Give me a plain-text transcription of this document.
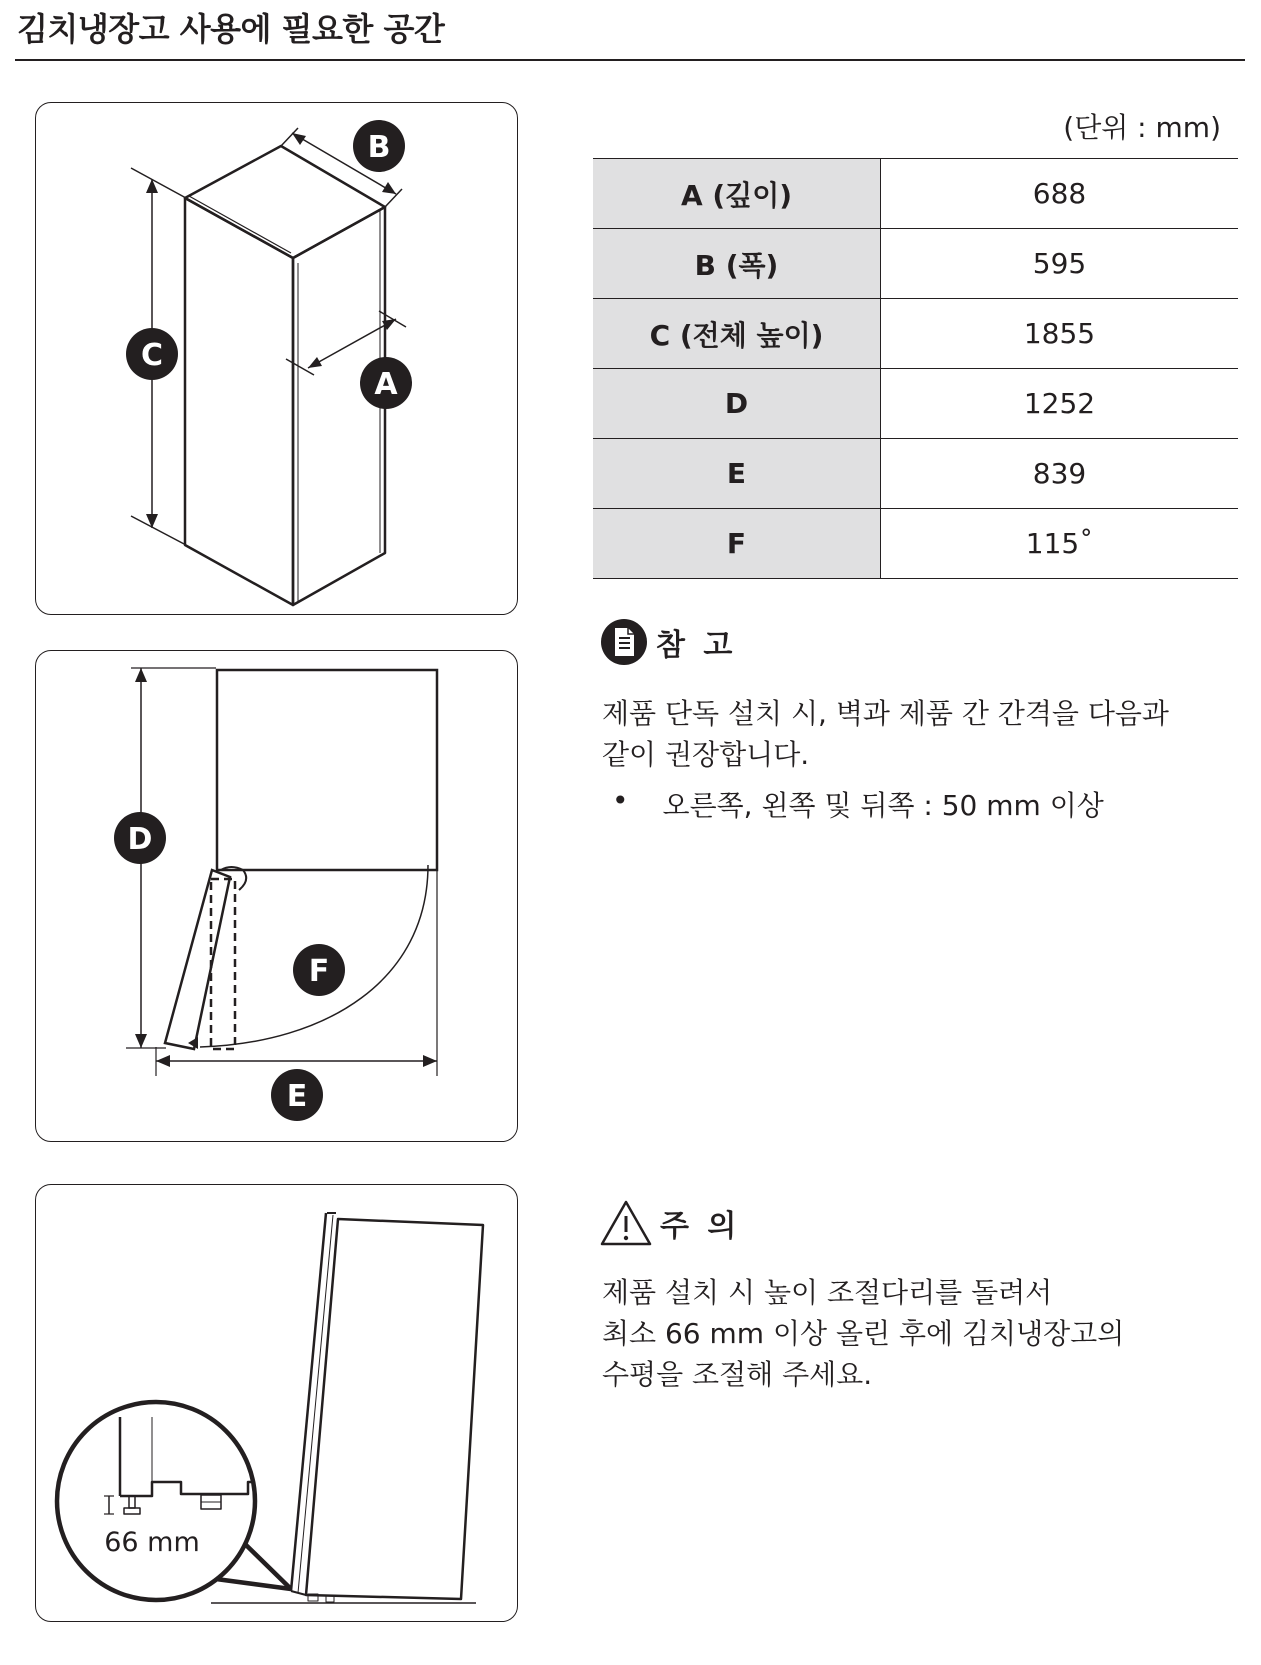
김치냉장고 사용에 필요한 공간
B
C
A
D
F
E
66 mm
(단위 : mm)
A (깊이)	688
B (폭)	595
C (전체 높이)	1855
D	1252
E	839
F	115˚
참 고
제품 단독 설치 시, 벽과 제품 간 간격을 다음과
같이 권장합니다.
• 오른쪽, 왼쪽 및 뒤쪽 : 50 mm 이상
주 의
제품 설치 시 높이 조절다리를 돌려서
최소 66 mm 이상 올린 후에 김치냉장고의
수평을 조절해 주세요.
